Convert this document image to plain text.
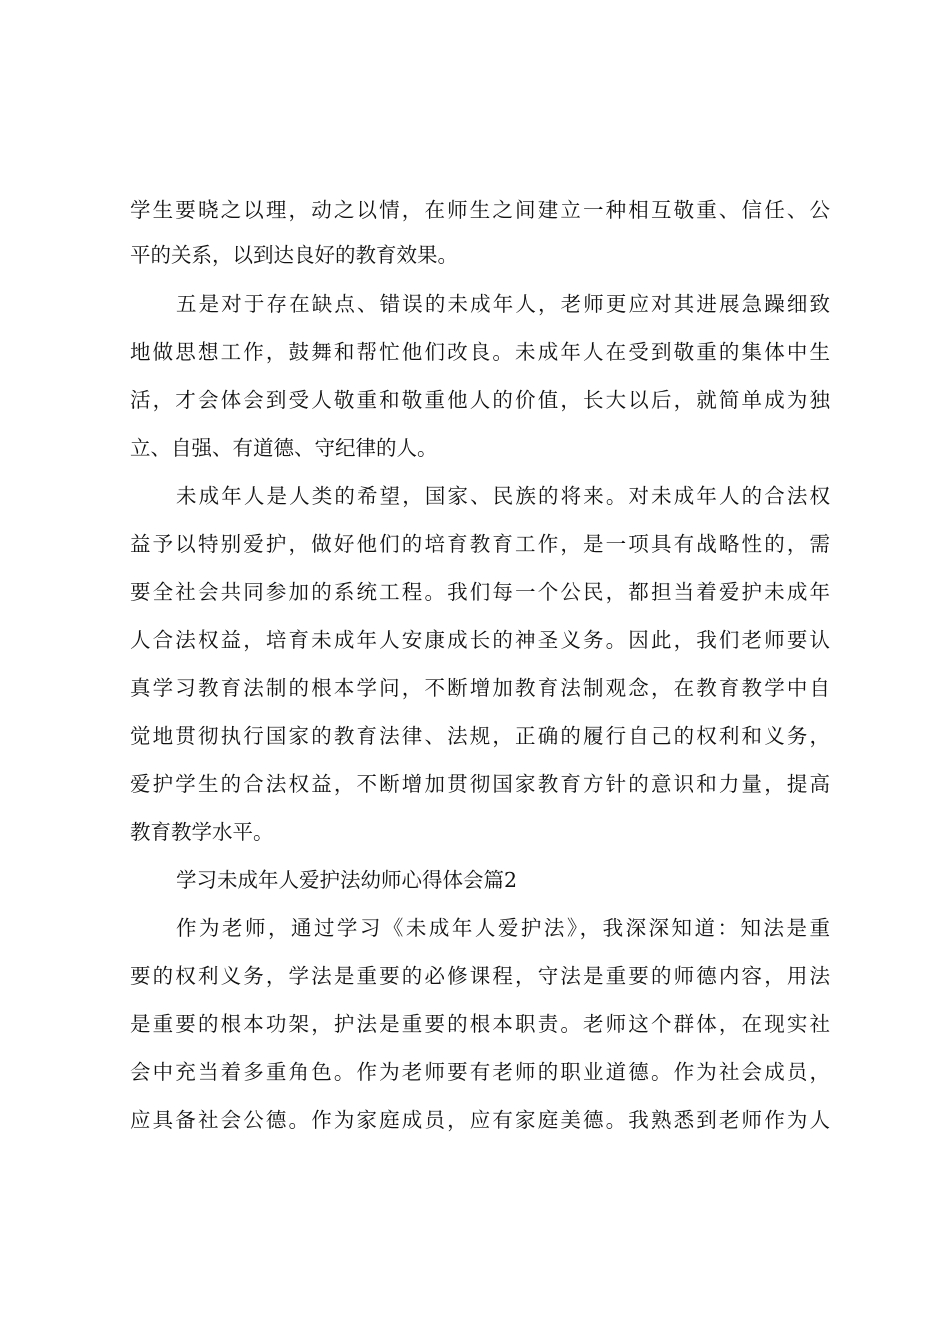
学生要晓之以理，动之以情，在师生之间建立一种相互敬重、信任、公
平的关系，以到达良好的教育效果。
五是对于存在缺点、错误的未成年人，老师更应对其进展急躁细致
地做思想工作，鼓舞和帮忙他们改良。未成年人在受到敬重的集体中生
活，才会体会到受人敬重和敬重他人的价值，长大以后，就简单成为独
立、自强、有道德、守纪律的人。
未成年人是人类的希望，国家、民族的将来。对未成年人的合法权
益予以特别爱护，做好他们的培育教育工作，是一项具有战略性的，需
要全社会共同参加的系统工程。我们每一个公民，都担当着爱护未成年
人合法权益，培育未成年人安康成长的神圣义务。因此，我们老师要认
真学习教育法制的根本学问，不断增加教育法制观念，在教育教学中自
觉地贯彻执行国家的教育法律、法规，正确的履行自己的权利和义务，
爱护学生的合法权益，不断增加贯彻国家教育方针的意识和力量，提高
教育教学水平。
学习未成年人爱护法幼师心得体会篇2
作为老师，通过学习《未成年人爱护法》，我深深知道：知法是重
要的权利义务，学法是重要的必修课程，守法是重要的师德内容，用法
是重要的根本功架，护法是重要的根本职责。老师这个群体，在现实社
会中充当着多重角色。作为老师要有老师的职业道德。作为社会成员，
应具备社会公德。作为家庭成员，应有家庭美德。我熟悉到老师作为人
